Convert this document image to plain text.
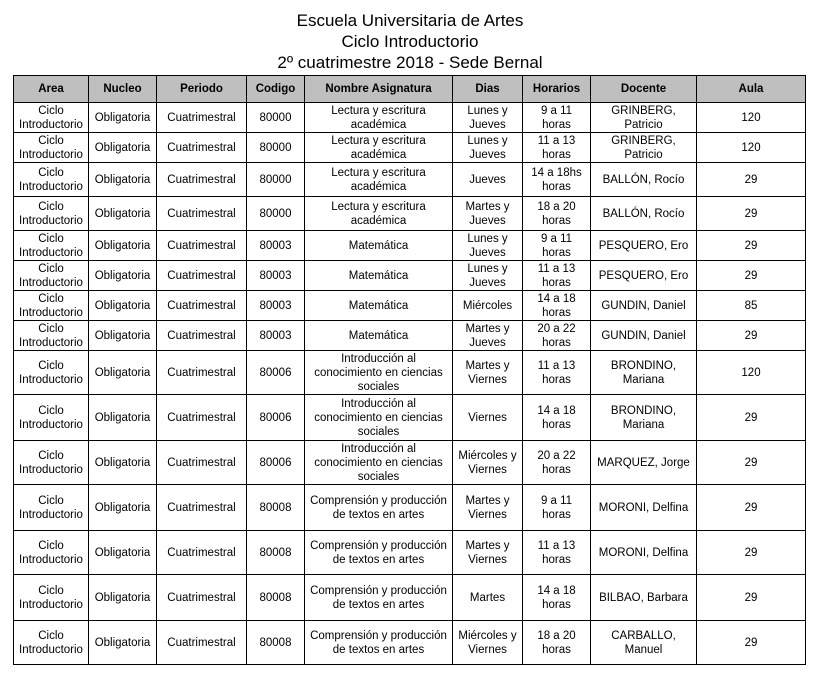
Escuela Universitaria de Artes
Ciclo Introductorio
2º cuatrimestre 2018 - Sede Bernal
Area	Nucleo	Periodo	Codigo	Nombre Asignatura	Dias	Horarios	Docente	Aula
Ciclo Introductorio	Obligatoria	Cuatrimestral	80000	Lectura y escritura académica	Lunes y Jueves	9 a 11 horas	GRINBERG, Patricio	120
Ciclo Introductorio	Obligatoria	Cuatrimestral	80000	Lectura y escritura académica	Lunes y Jueves	11 a 13 horas	GRINBERG, Patricio	120
Ciclo Introductorio	Obligatoria	Cuatrimestral	80000	Lectura y escritura académica	Jueves	14 a 18hs horas	BALLÓN, Rocío	29
Ciclo Introductorio	Obligatoria	Cuatrimestral	80000	Lectura y escritura académica	Martes y Jueves	18 a 20 horas	BALLÓN, Rocío	29
Ciclo Introductorio	Obligatoria	Cuatrimestral	80003	Matemática	Lunes y Jueves	9 a 11 horas	PESQUERO, Ero	29
Ciclo Introductorio	Obligatoria	Cuatrimestral	80003	Matemática	Lunes y Jueves	11 a 13 horas	PESQUERO, Ero	29
Ciclo Introductorio	Obligatoria	Cuatrimestral	80003	Matemática	Miércoles	14 a 18 horas	GUNDIN, Daniel	85
Ciclo Introductorio	Obligatoria	Cuatrimestral	80003	Matemática	Martes y Jueves	20 a 22 horas	GUNDIN, Daniel	29
Ciclo Introductorio	Obligatoria	Cuatrimestral	80006	Introducción al conocimiento en ciencias sociales	Martes y Viernes	11 a 13 horas	BRONDINO, Mariana	120
Ciclo Introductorio	Obligatoria	Cuatrimestral	80006	Introducción al conocimiento en ciencias sociales	Viernes	14 a 18 horas	BRONDINO, Mariana	29
Ciclo Introductorio	Obligatoria	Cuatrimestral	80006	Introducción al conocimiento en ciencias sociales	Miércoles y Viernes	20 a 22 horas	MARQUEZ, Jorge	29
Ciclo Introductorio	Obligatoria	Cuatrimestral	80008	Comprensión y producción de textos en artes	Martes y Viernes	9 a 11 horas	MORONI, Delfina	29
Ciclo Introductorio	Obligatoria	Cuatrimestral	80008	Comprensión y producción de textos en artes	Martes y Viernes	11 a 13 horas	MORONI, Delfina	29
Ciclo Introductorio	Obligatoria	Cuatrimestral	80008	Comprensión y producción de textos en artes	Martes	14 a 18 horas	BILBAO, Barbara	29
Ciclo Introductorio	Obligatoria	Cuatrimestral	80008	Comprensión y producción de textos en artes	Miércoles y Viernes	18 a 20 horas	CARBALLO, Manuel	29
